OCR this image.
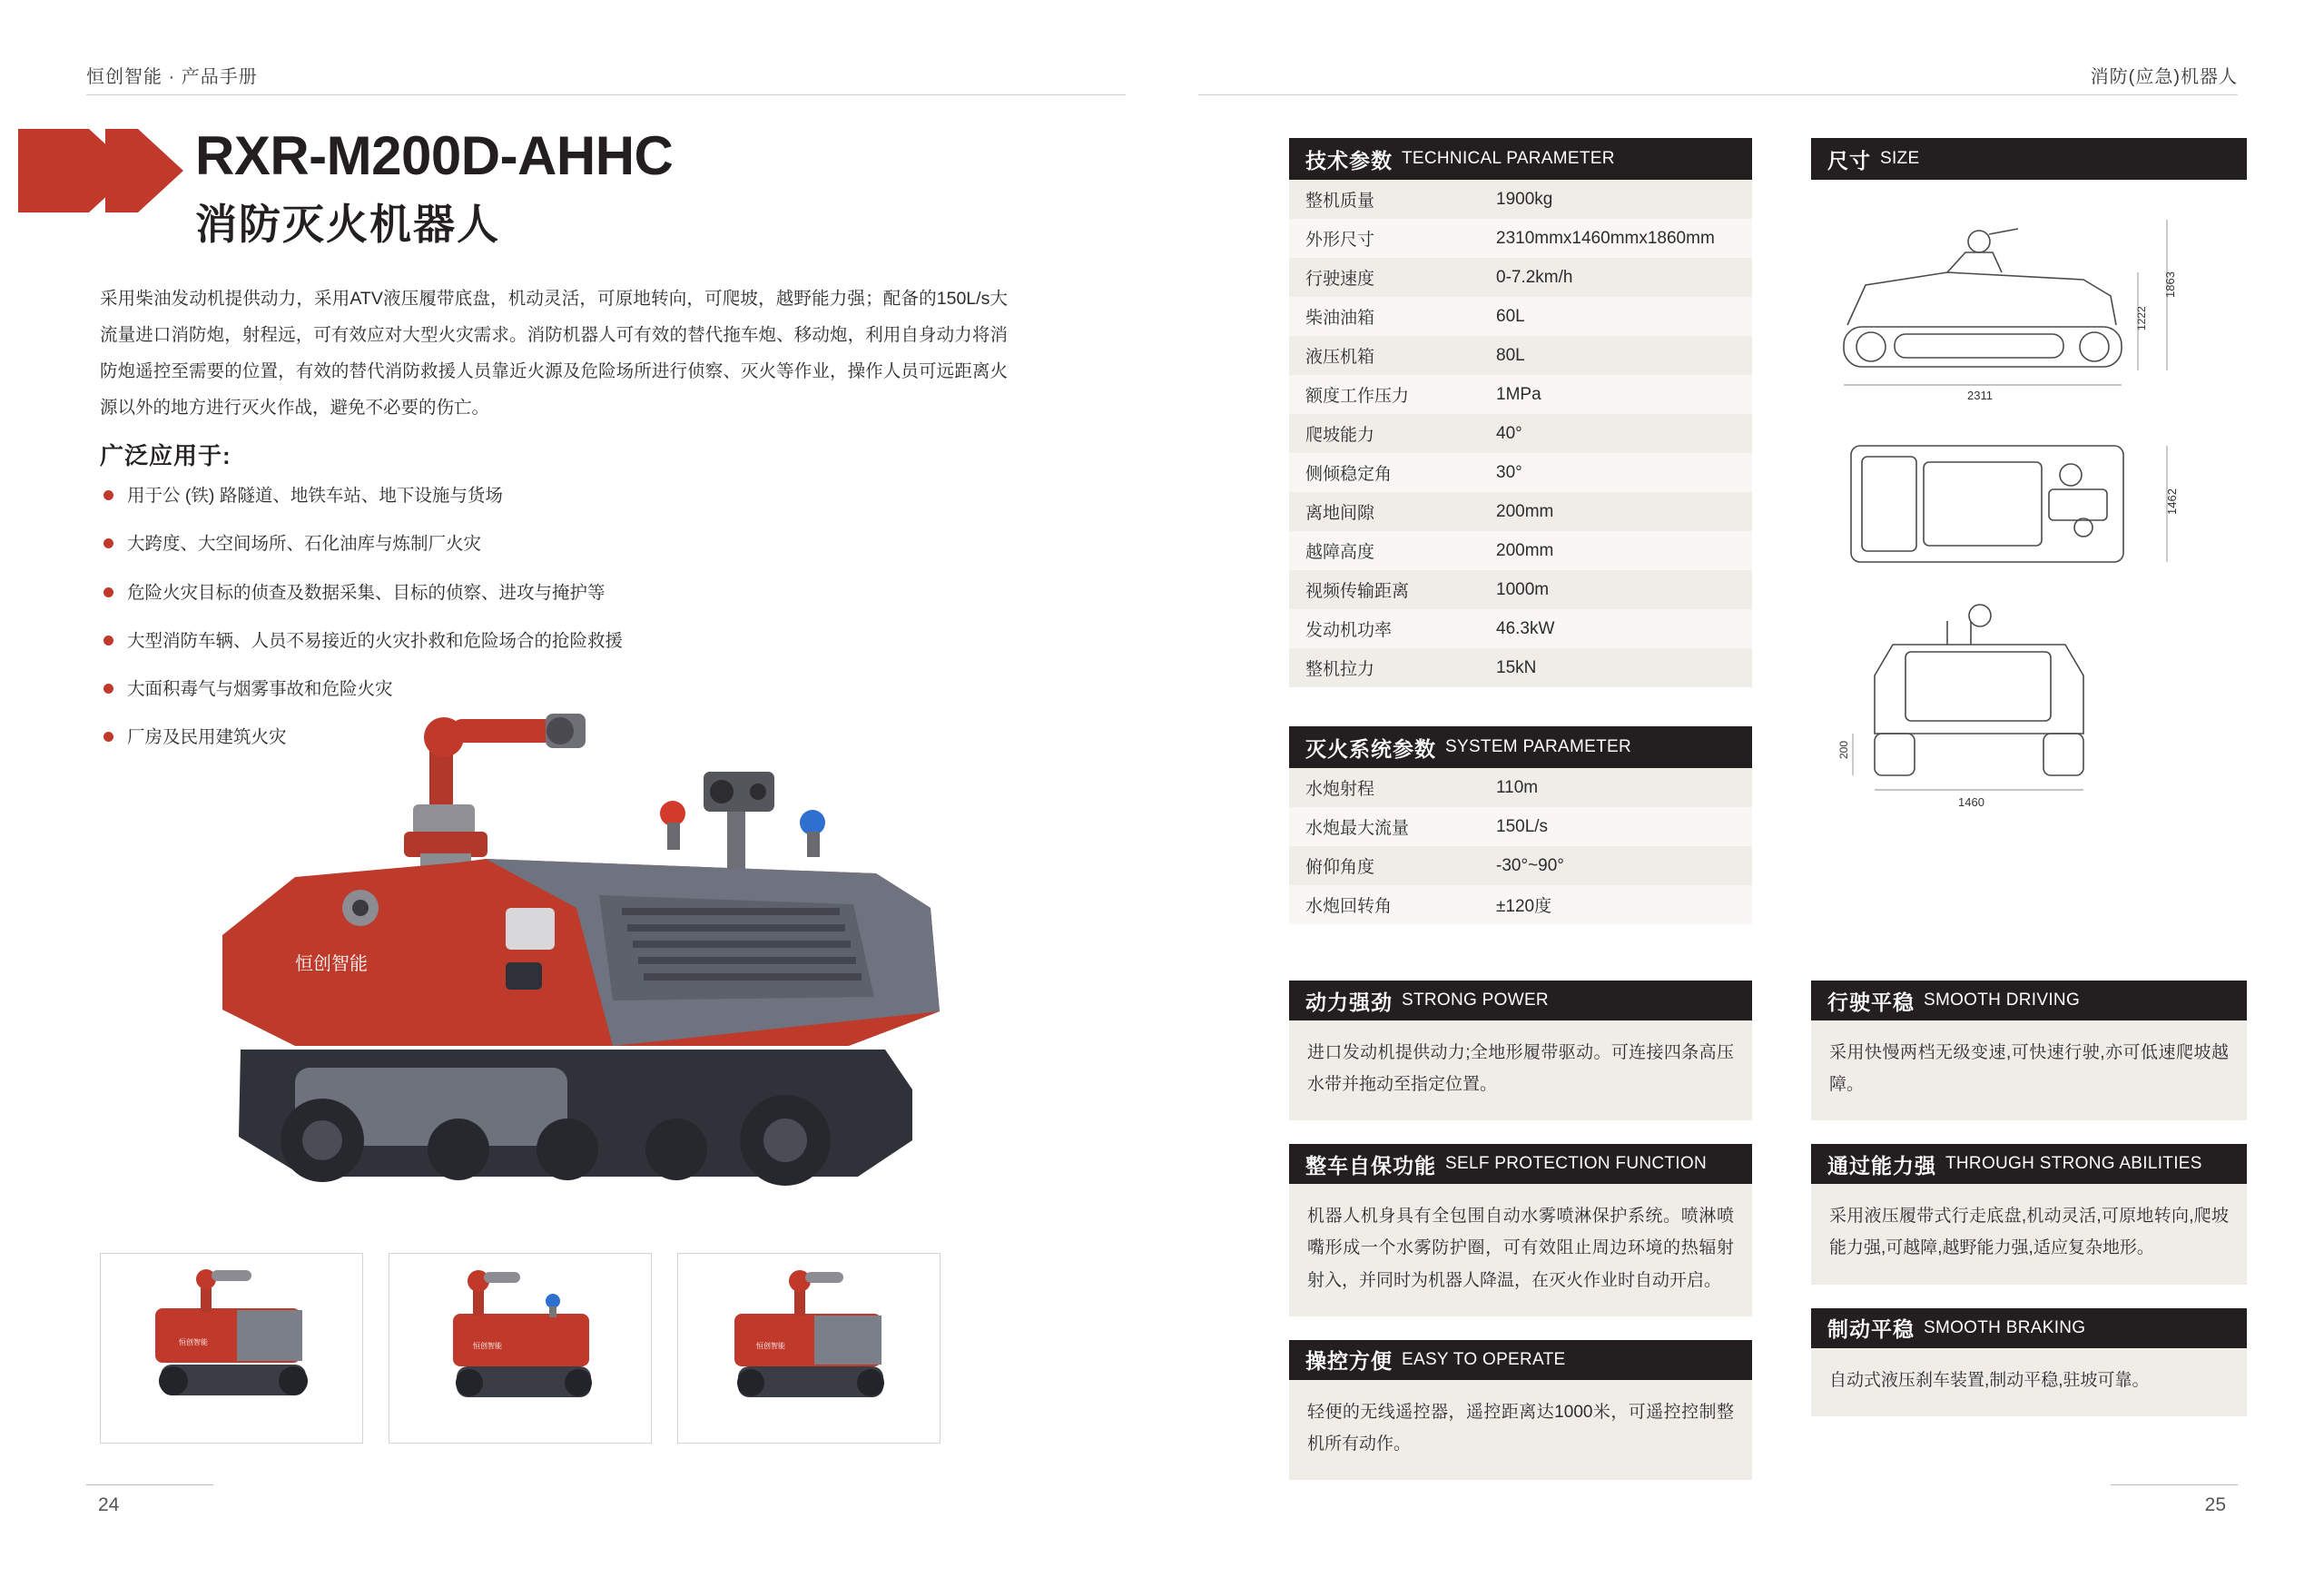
恒创智能 · 产品手册	消防(应急)机器人
RXR-M200D-AHHC
消防灭火机器人
采用柴油发动机提供动力，采用ATV液压履带底盘，机动灵活，可原地转向，可爬坡，越野能力强；配备的150L/s大流量进口消防炮，射程远，可有效应对大型火灾需求。消防机器人可有效的替代拖车炮、移动炮，利用自身动力将消防炮遥控至需要的位置，有效的替代消防救援人员靠近火源及危险场所进行侦察、灭火等作业，操作人员可远距离火源以外的地方进行灭火作战，避免不必要的伤亡。
广泛应用于:
用于公 (铁) 路隧道、地铁车站、地下设施与货场
大跨度、大空间场所、石化油库与炼制厂火灾
危险火灾目标的侦查及数据采集、目标的侦察、进攻与掩护等
大型消防车辆、人员不易接近的火灾扑救和危险场合的抢险救援
大面积毒气与烟雾事故和危险火灾
厂房及民用建筑火灾
恒创智能
恒创智能	恒创智能	恒创智能
24
技术参数 TECHNICAL PARAMETER
整机质量	1900kg
外形尺寸	2310mmx1460mmx1860mm
行驶速度	0-7.2km/h
柴油油箱	60L
液压机箱	80L
额度工作压力	1MPa
爬坡能力	40°
侧倾稳定角	30°
离地间隙	200mm
越障高度	200mm
视频传输距离	1000m
发动机功率	46.3kW
整机拉力	15kN
灭火系统参数 SYSTEM PARAMETER
水炮射程	110m
水炮最大流量	150L/s
俯仰角度	-30°~90°
水炮回转角	±120度
尺寸 SIZE
1863
1222
2311

1462

1460
200
动力强劲 STRONG POWER
进口发动机提供动力;全地形履带驱动。可连接四条高压水带并拖动至指定位置。
整车自保功能 SELF PROTECTION FUNCTION
机器人机身具有全包围自动水雾喷淋保护系统。喷淋喷嘴形成一个水雾防护圈，可有效阻止周边环境的热辐射射入，并同时为机器人降温，在灭火作业时自动开启。
操控方便 EASY TO OPERATE
轻便的无线遥控器，遥控距离达1000米，可遥控控制整机所有动作。
行驶平稳 SMOOTH DRIVING
采用快慢两档无级变速,可快速行驶,亦可低速爬坡越障。
通过能力强 THROUGH STRONG ABILITIES
采用液压履带式行走底盘,机动灵活,可原地转向,爬坡能力强,可越障,越野能力强,适应复杂地形。
制动平稳 SMOOTH BRAKING
自动式液压刹车装置,制动平稳,驻坡可靠。
25
